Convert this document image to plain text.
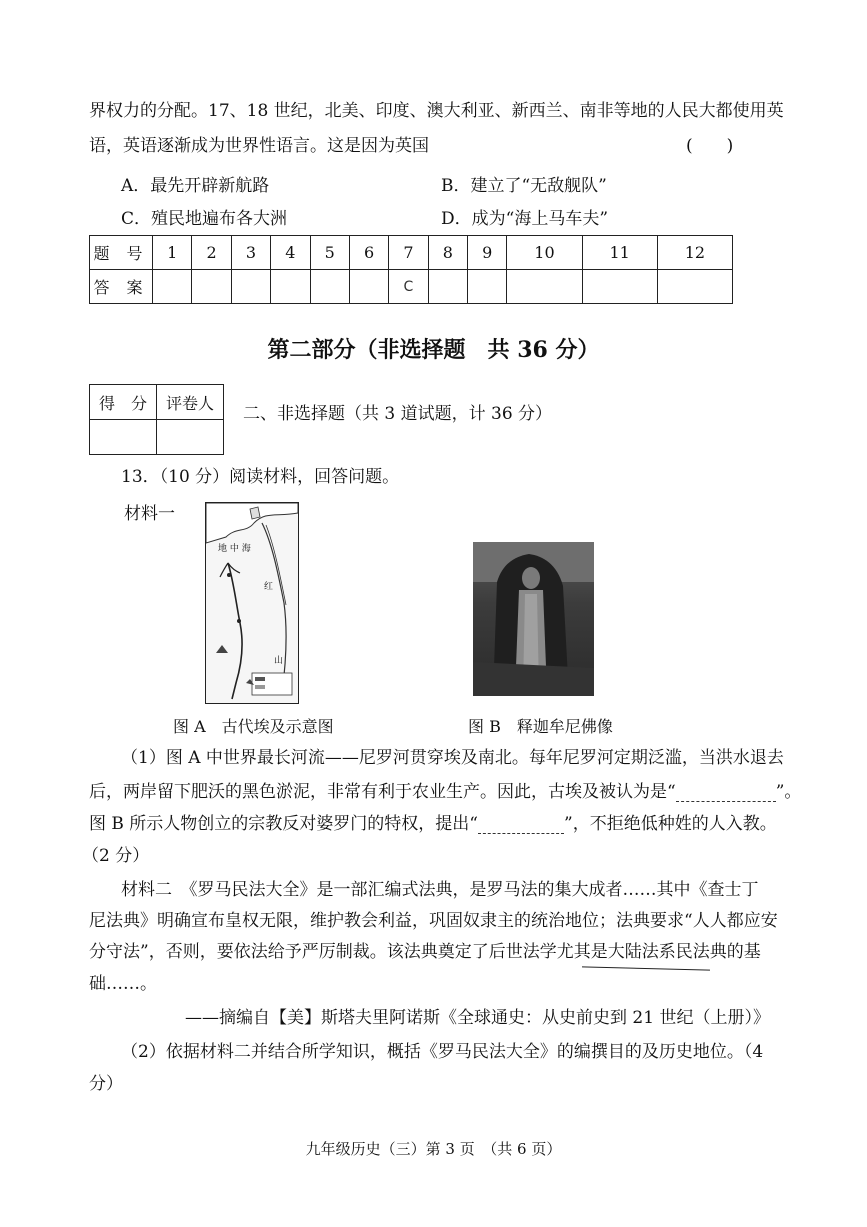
界权力的分配。17、18 世纪，北美、印度、澳大利亚、新西兰、南非等地的人民大都使用英
语，英语逐渐成为世界性语言。这是因为英国	(　　)
A．最先开辟新航路	B．建立了“无敌舰队”
C．殖民地遍布各大洲	D．成为“海上马车夫”
题 号	1	2	3	4	5	6	7	8	9	10	11	12
答 案							C					
第二部分（非选择题　共 36 分）
得　分	评卷人

二、非选择题（共 3 道试题，计 36 分）
13．（10 分）阅读材料，回答问题。
材料一
地 中 海
红
山
图 A　古代埃及示意图	图 B　释迦牟尼佛像
（1）图 A 中世界最长河流——尼罗河贯穿埃及南北。每年尼罗河定期泛滥，当洪水退去
后，两岸留下肥沃的黑色淤泥，非常有利于农业生产。因此，古埃及被认为是“	”。
图 B 所示人物创立的宗教反对婆罗门的特权，提出“	”，不拒绝低种姓的人入教。
（2 分）
材料二　《罗马民法大全》是一部汇编式法典，是罗马法的集大成者……其中《查士丁
尼法典》明确宣布皇权无限，维护教会利益，巩固奴隶主的统治地位；法典要求“人人都应安
分守法”，否则，要依法给予严厉制裁。该法典奠定了后世法学尤其是大陆法系民法典的基
础……。
——摘编自【美】斯塔夫里阿诺斯《全球通史：从史前史到 21 世纪（上册）》
（2）依据材料二并结合所学知识，概括《罗马民法大全》的编撰目的及历史地位。（4
分）
九年级历史（三）第 3 页　（共 6 页）
